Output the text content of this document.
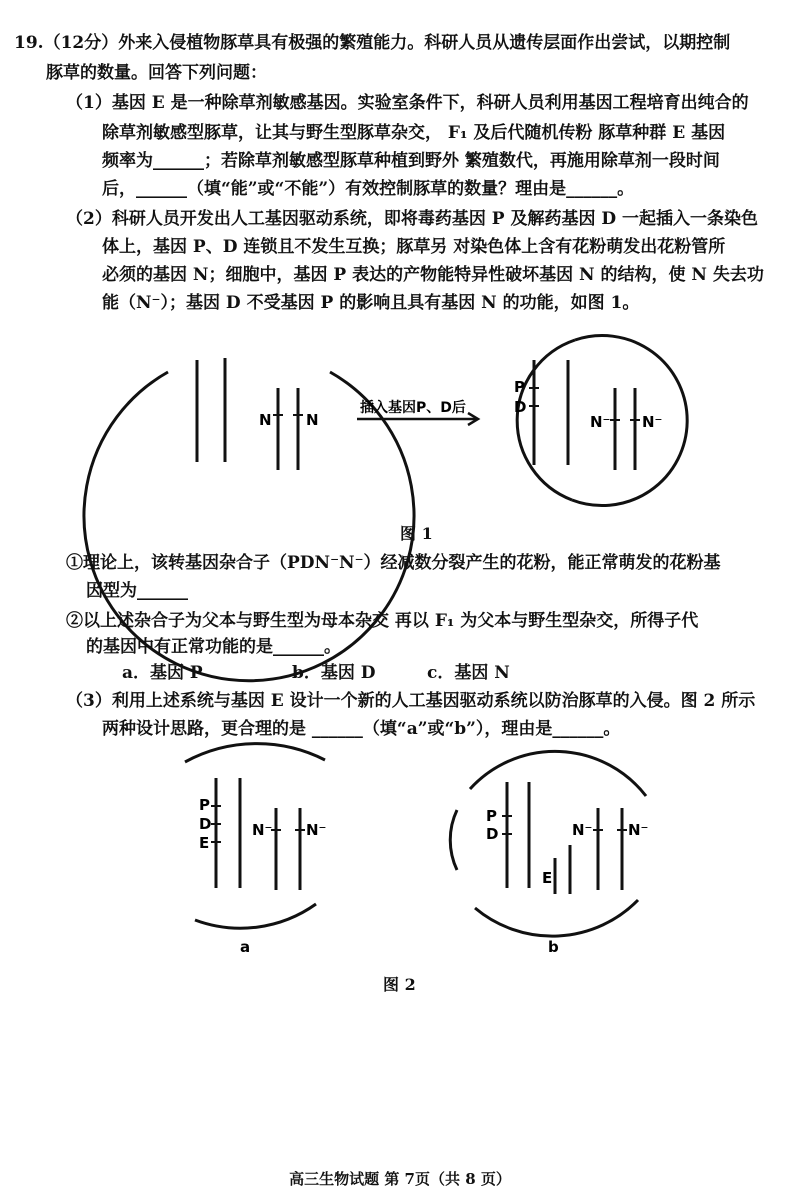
19.（12分）外来入侵植物豚草具有极强的繁殖能力。科研人员从遗传层面作出尝试，以期控制
豚草的数量。回答下列问题：
（1）基因 E 是一种除草剂敏感基因。实验室条件下，科研人员利用基因工程培育出纯合的
除草剂敏感型豚草，让其与野生型豚草杂交， F₁ 及后代随机传粉 豚草种群 E 基因
频率为______；若除草剂敏感型豚草种植到野外 繁殖数代，再施用除草剂一段时间
后，______（填“能”或“不能”）有效控制豚草的数量？理由是______。
（2）科研人员开发出人工基因驱动系统，即将毒药基因 P 及解药基因 D 一起插入一条染色
体上，基因 P、D 连锁且不发生互换；豚草另 对染色体上含有花粉萌发出花粉管所
必须的基因 N；细胞中，基因 P 表达的产物能特异性破坏基因 N 的结构，使 N 失去功
能（N⁻）；基因 D 不受基因 P 的影响且具有基因 N 的功能，如图 1。
N N
P
D
N⁻ N⁻
插入基因P、D后
图 1
①理论上，该转基因杂合子（PDN⁻N⁻）经减数分裂产生的花粉，能正常萌发的花粉基
因型为______
②以上述杂合子为父本与野生型为母本杂交 再以 F₁ 为父本与野生型杂交，所得子代
的基因中有正常功能的是______。
a．基因 P	b．基因 D	c．基因 N
（3）利用上述系统与基因 E 设计一个新的人工基因驱动系统以防治豚草的入侵。图 2 所示
两种设计思路，更合理的是 ______（填“a”或“b”），理由是______。
P
D
E
N⁻ N⁻
P
D	N⁻ N⁻
E
a	b
图 2
高三生物试题 第 7页（共 8 页）
